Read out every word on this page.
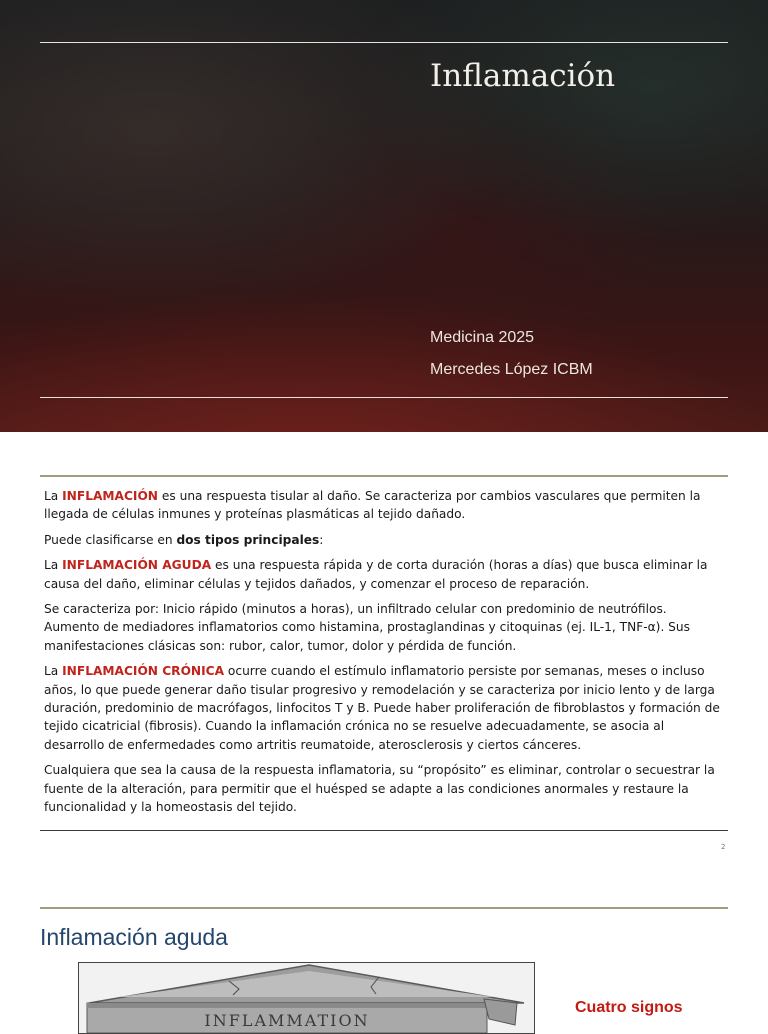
Inflamación
Medicina 2025
Mercedes López ICBM

La INFLAMACIÓN es una respuesta tisular al daño. Se caracteriza por cambios vasculares que permiten la llegada de células inmunes y proteínas plasmáticas al tejido dañado.

Puede clasificarse en dos tipos principales:

La INFLAMACIÓN AGUDA es una respuesta rápida y de corta duración (horas a días) que busca eliminar la causa del daño, eliminar células y tejidos dañados, y comenzar el proceso de reparación.

Se caracteriza por: Inicio rápido (minutos a horas), un infiltrado celular con predominio de neutrófilos. Aumento de mediadores inflamatorios como histamina, prostaglandinas y citoquinas (ej. IL-1, TNF-α). Sus manifestaciones clásicas son: rubor, calor, tumor, dolor y pérdida de función.

La INFLAMACIÓN CRÓNICA ocurre cuando el estímulo inflamatorio persiste por semanas, meses o incluso años, lo que puede generar daño tisular progresivo y remodelación y se caracteriza por inicio lento y de larga duración, predominio de macrófagos, linfocitos T y B. Puede haber proliferación de fibroblastos y formación de tejido cicatricial (fibrosis). Cuando la inflamación crónica no se resuelve adecuadamente, se asocia al desarrollo de enfermedades como artritis reumatoide, aterosclerosis y ciertos cánceres.

Cualquiera que sea la causa de la respuesta inflamatoria, su “propósito” es eliminar, controlar o secuestrar la fuente de la alteración, para permitir que el huésped se adapte a las condiciones anormales y restaure la funcionalidad y la homeostasis del tejido.

2
Inflamación aguda
INFLAMMATION
Cuatro signos
